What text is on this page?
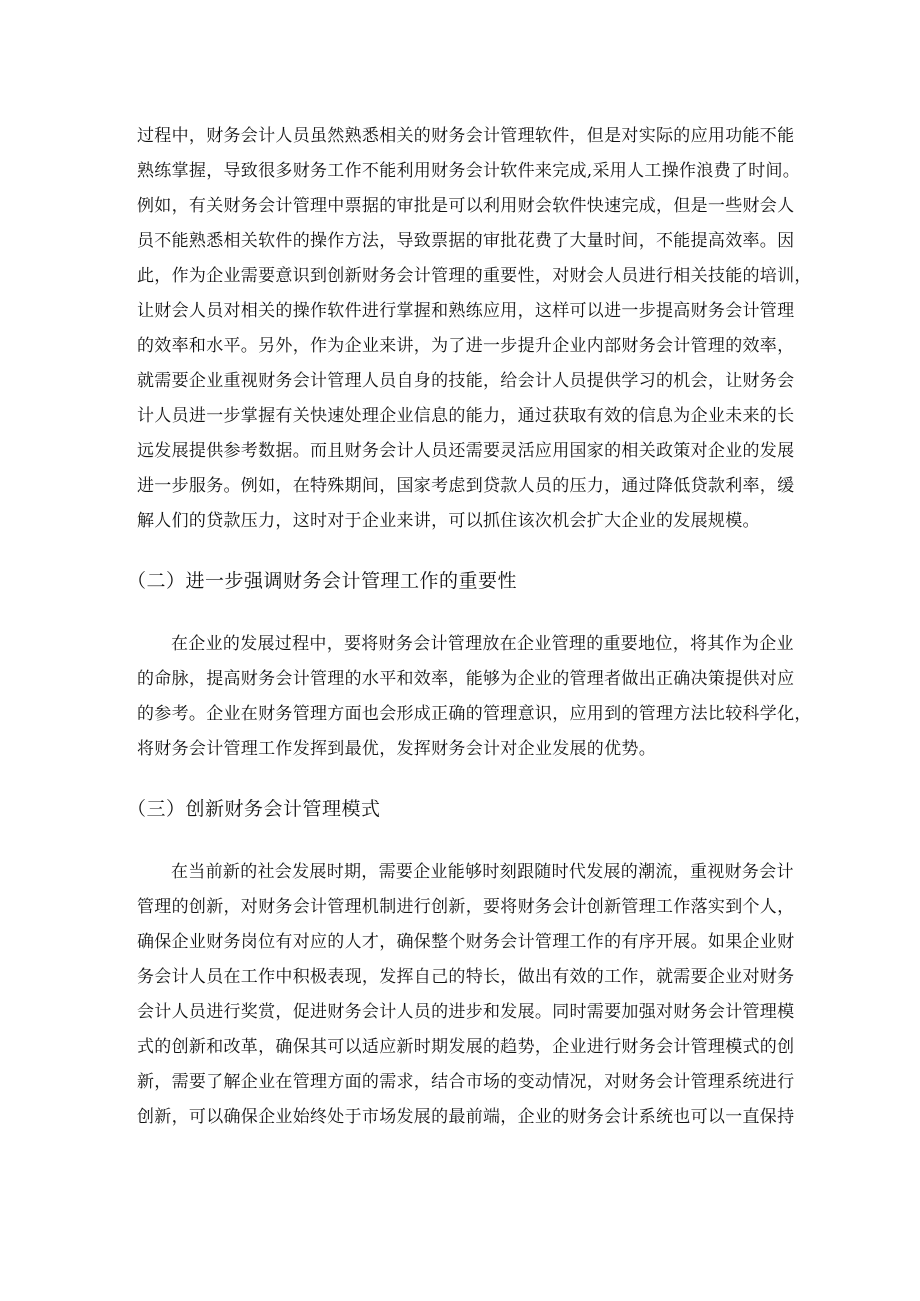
过程中，财务会计人员虽然熟悉相关的财务会计管理软件，但是对实际的应用功能不能
熟练掌握，导致很多财务工作不能利用财务会计软件来完成,采用人工操作浪费了时间。
例如，有关财务会计管理中票据的审批是可以利用财会软件快速完成，但是一些财会人
员不能熟悉相关软件的操作方法，导致票据的审批花费了大量时间，不能提高效率。因
此，作为企业需要意识到创新财务会计管理的重要性，对财会人员进行相关技能的培训，
让财会人员对相关的操作软件进行掌握和熟练应用，这样可以进一步提高财务会计管理
的效率和水平。另外，作为企业来讲，为了进一步提升企业内部财务会计管理的效率，
就需要企业重视财务会计管理人员自身的技能，给会计人员提供学习的机会，让财务会
计人员进一步掌握有关快速处理企业信息的能力，通过获取有效的信息为企业未来的长
远发展提供参考数据。而且财务会计人员还需要灵活应用国家的相关政策对企业的发展
进一步服务。例如，在特殊期间，国家考虑到贷款人员的压力，通过降低贷款利率，缓
解人们的贷款压力，这时对于企业来讲，可以抓住该次机会扩大企业的发展规模。
（二）进一步强调财务会计管理工作的重要性
在企业的发展过程中，要将财务会计管理放在企业管理的重要地位，将其作为企业
的命脉，提高财务会计管理的水平和效率，能够为企业的管理者做出正确决策提供对应
的参考。企业在财务管理方面也会形成正确的管理意识，应用到的管理方法比较科学化，
将财务会计管理工作发挥到最优，发挥财务会计对企业发展的优势。
（三）创新财务会计管理模式
在当前新的社会发展时期，需要企业能够时刻跟随时代发展的潮流，重视财务会计
管理的创新，对财务会计管理机制进行创新，要将财务会计创新管理工作落实到个人，
确保企业财务岗位有对应的人才，确保整个财务会计管理工作的有序开展。如果企业财
务会计人员在工作中积极表现，发挥自己的特长，做出有效的工作，就需要企业对财务
会计人员进行奖赏，促进财务会计人员的进步和发展。同时需要加强对财务会计管理模
式的创新和改革，确保其可以适应新时期发展的趋势，企业进行财务会计管理模式的创
新，需要了解企业在管理方面的需求，结合市场的变动情况，对财务会计管理系统进行
创新，可以确保企业始终处于市场发展的最前端，企业的财务会计系统也可以一直保持
